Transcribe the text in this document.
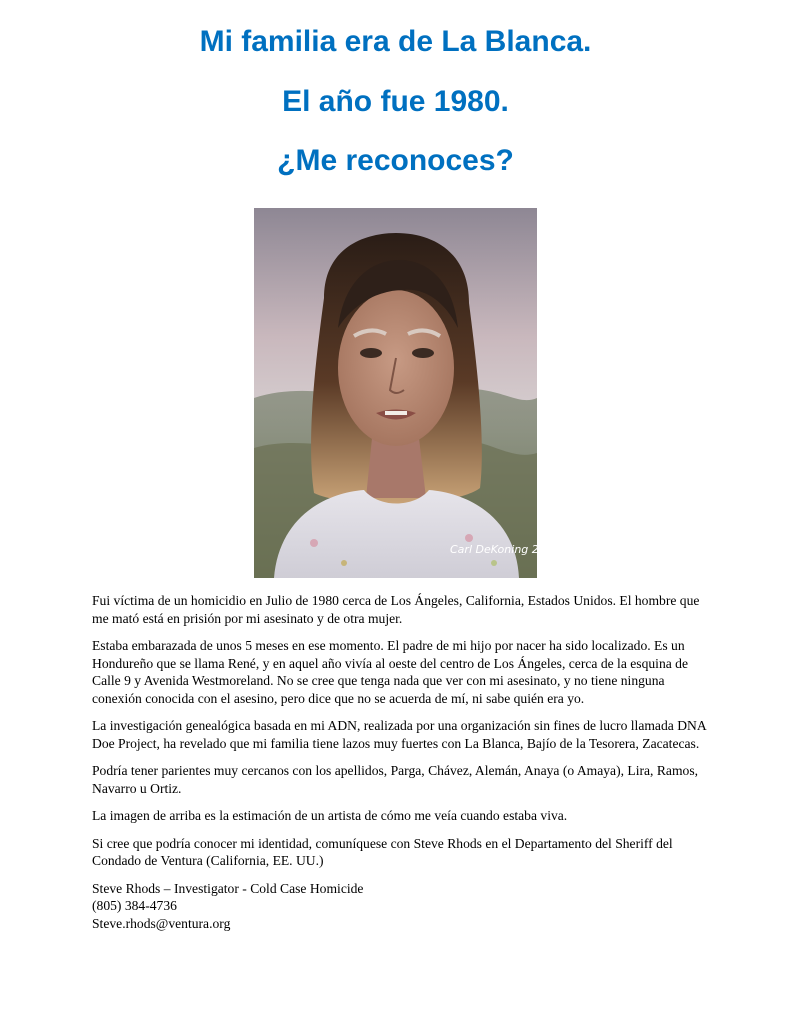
Mi familia era de La Blanca.
El año fue 1980.
¿Me reconoces?
Carl DeKoning 2021

Fui víctima de un homicidio en Julio de 1980 cerca de Los Ángeles, California, Estados Unidos. El hombre que me mató está en prisión por mi asesinato y de otra mujer.

Estaba embarazada de unos 5 meses en ese momento. El padre de mi hijo por nacer ha sido localizado. Es un Hondureño que se llama René, y en aquel año vivía al oeste del centro de Los Ángeles, cerca de la esquina de Calle 9 y Avenida Westmoreland. No se cree que tenga nada que ver con mi asesinato, y no tiene ninguna conexión conocida con el asesino, pero dice que no se acuerda de mí, ni sabe quién era yo.

La investigación genealógica basada en mi ADN, realizada por una organización sin fines de lucro llamada DNA Doe Project, ha revelado que mi familia tiene lazos muy fuertes con La Blanca, Bajío de la Tesorera, Zacatecas.

Podría tener parientes muy cercanos con los apellidos, Parga, Chávez, Alemán, Anaya (o Amaya), Lira, Ramos, Navarro u Ortiz.

La imagen de arriba es la estimación de un artista de cómo me veía cuando estaba viva.

Si cree que podría conocer mi identidad, comuníquese con Steve Rhods en el Departamento del Sheriff del Condado de Ventura (California, EE. UU.)

Steve Rhods – Investigator - Cold Case Homicide
(805) 384-4736
Steve.rhods@ventura.org
